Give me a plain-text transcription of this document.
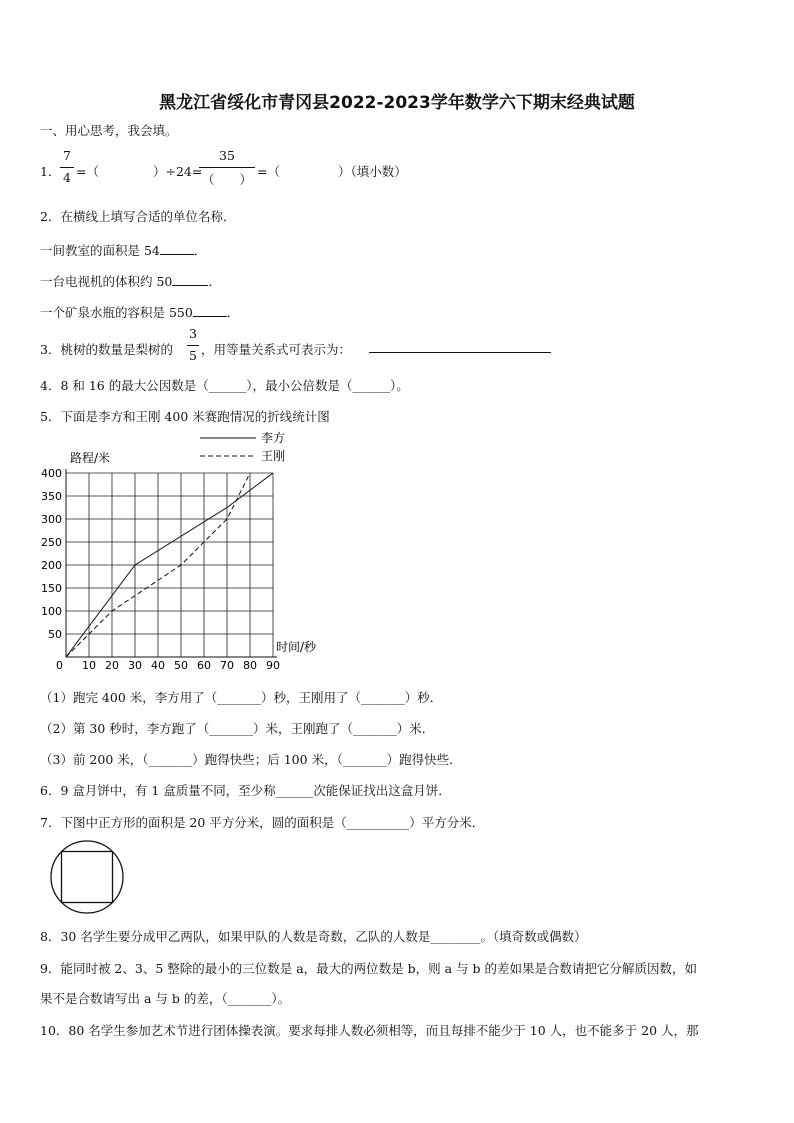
黑龙江省绥化市青冈县2022-2023学年数学六下期末经典试题
一、用心思考，我会填。
1．
7
4 =（	）÷24=
35
（　　）
=（	）（填小数）
2．在横线上填写合适的单位名称．
一间教室的面积是 54	．
一台电视机的体积约 50	．
一个矿泉水瓶的容积是 550	．
3．桃树的数量是梨树的
3
5 ，用等量关系式可表示为：
4．8 和 16 的最大公因数是（______），最小公倍数是（______）。
5．下面是李方和王刚 400 米赛跑情况的折线统计图
10 20 30 40 50 60 70 80 90
50
100
150
200
250
300
350
400
李方
王刚
路程/米
时间/秒
0
（1）跑完 400 米，李方用了（_______）秒，王刚用了（_______）秒．
（2）第 30 秒时，李方跑了（_______）米，王刚跑了（_______）米．
（3）前 200 米，（_______）跑得快些；后 100 米，（_______）跑得快些．
6．9 盒月饼中，有 1 盒质量不同，至少称______次能保证找出这盒月饼．
7．下图中正方形的面积是 20 平方分米，圆的面积是（__________）平方分米．
8．30 名学生要分成甲乙两队，如果甲队的人数是奇数，乙队的人数是________。（填奇数或偶数）
9．能同时被 2、3、5 整除的最小的三位数是 a，最大的两位数是 b，则 a 与 b 的差如果是合数请把它分解质因数，如
果不是合数请写出 a 与 b 的差，（_______）。
10．80 名学生参加艺术节进行团体操表演。要求每排人数必须相等，而且每排不能少于 10 人，也不能多于 20 人，那
